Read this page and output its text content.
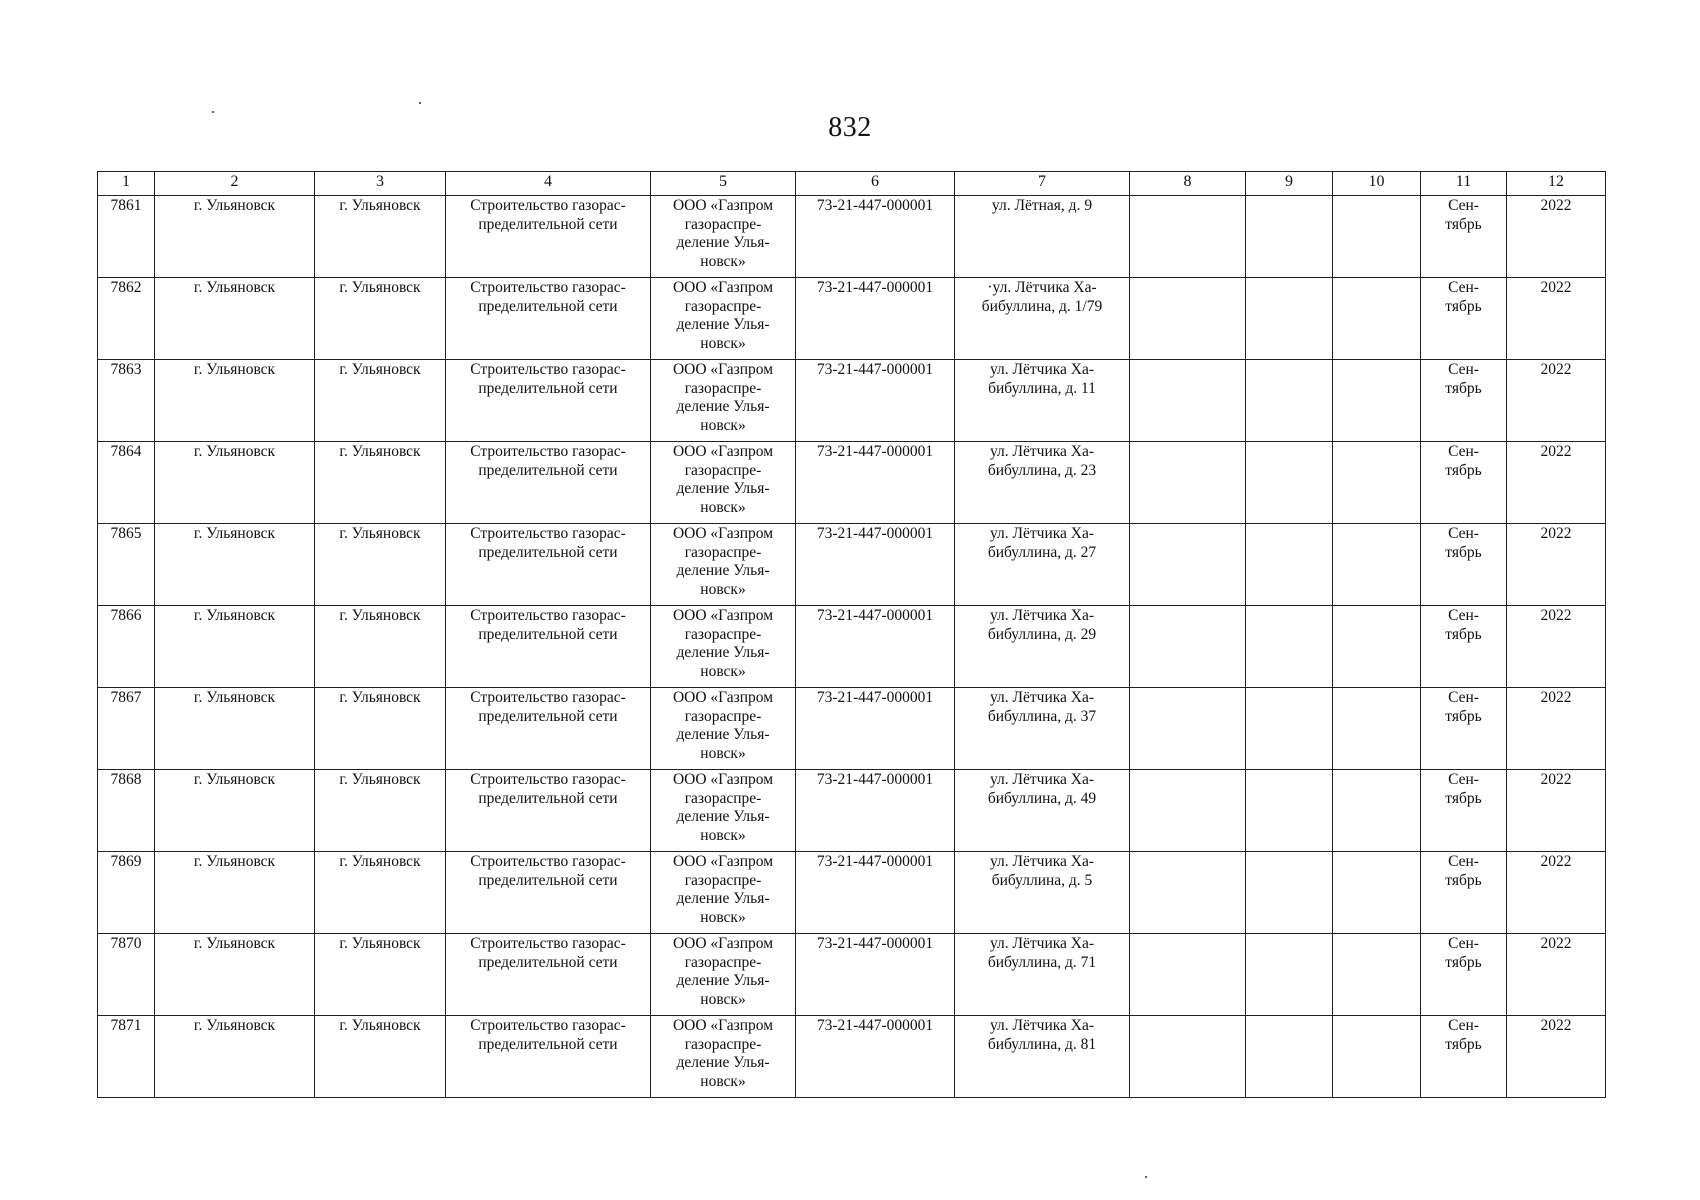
832
1	2	3	4	5	6	7	8	9	10	11	12
7861	г. Ульяновск	г. Ульяновск	Строительство газорас-
пределительной сети	ООО «Газпром
газораспре-
деление Улья-
новск»	73-21-447-000001	ул. Лётная, д. 9				Сен-
тябрь	2022
7862	г. Ульяновск	г. Ульяновск	Строительство газорас-
пределительной сети	ООО «Газпром
газораспре-
деление Улья-
новск»	73-21-447-000001	·ул. Лётчика Ха-
бибуллина, д. 1/79				Сен-
тябрь	2022
7863	г. Ульяновск	г. Ульяновск	Строительство газорас-
пределительной сети	ООО «Газпром
газораспре-
деление Улья-
новск»	73-21-447-000001	ул. Лётчика Ха-
бибуллина, д. 11				Сен-
тябрь	2022
7864	г. Ульяновск	г. Ульяновск	Строительство газорас-
пределительной сети	ООО «Газпром
газораспре-
деление Улья-
новск»	73-21-447-000001	ул. Лётчика Ха-
бибуллина, д. 23				Сен-
тябрь	2022
7865	г. Ульяновск	г. Ульяновск	Строительство газорас-
пределительной сети	ООО «Газпром
газораспре-
деление Улья-
новск»	73-21-447-000001	ул. Лётчика Ха-
бибуллина, д. 27				Сен-
тябрь	2022
7866	г. Ульяновск	г. Ульяновск	Строительство газорас-
пределительной сети	ООО «Газпром
газораспре-
деление Улья-
новск»	73-21-447-000001	ул. Лётчика Ха-
бибуллина, д. 29				Сен-
тябрь	2022
7867	г. Ульяновск	г. Ульяновск	Строительство газорас-
пределительной сети	ООО «Газпром
газораспре-
деление Улья-
новск»	73-21-447-000001	ул. Лётчика Ха-
бибуллина, д. 37				Сен-
тябрь	2022
7868	г. Ульяновск	г. Ульяновск	Строительство газорас-
пределительной сети	ООО «Газпром
газораспре-
деление Улья-
новск»	73-21-447-000001	ул. Лётчика Ха-
бибуллина, д. 49				Сен-
тябрь	2022
7869	г. Ульяновск	г. Ульяновск	Строительство газорас-
пределительной сети	ООО «Газпром
газораспре-
деление Улья-
новск»	73-21-447-000001	ул. Лётчика Ха-
бибуллина, д. 5				Сен-
тябрь	2022
7870	г. Ульяновск	г. Ульяновск	Строительство газорас-
пределительной сети	ООО «Газпром
газораспре-
деление Улья-
новск»	73-21-447-000001	ул. Лётчика Ха-
бибуллина, д. 71				Сен-
тябрь	2022
7871	г. Ульяновск	г. Ульяновск	Строительство газорас-
пределительной сети	ООО «Газпром
газораспре-
деление Улья-
новск»	73-21-447-000001	ул. Лётчика Ха-
бибуллина, д. 81				Сен-
тябрь	2022
